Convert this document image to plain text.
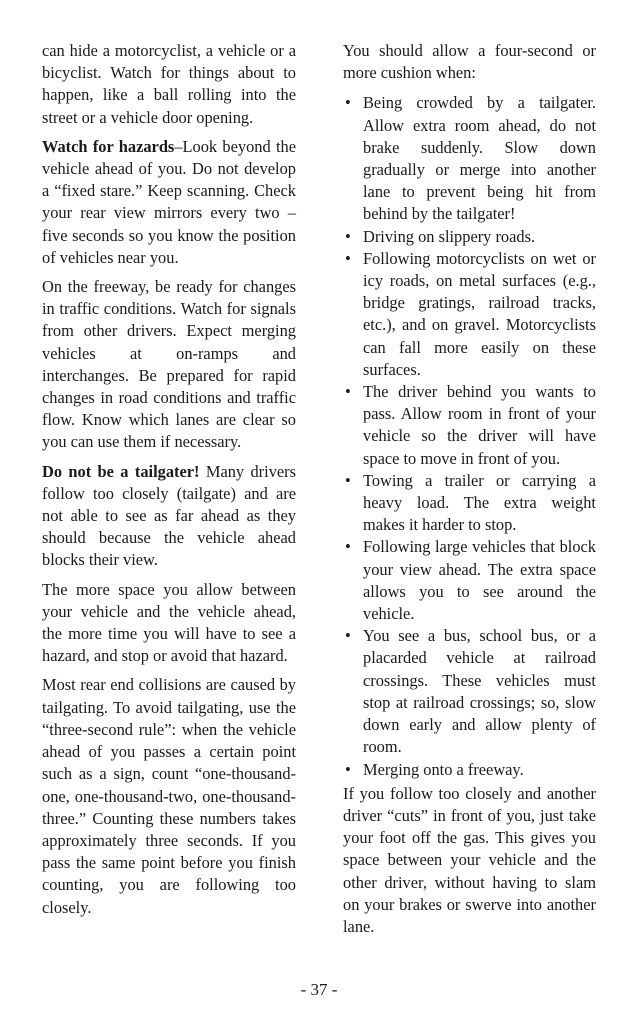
can hide a motorcyclist, a vehicle or a bicyclist. Watch for things about to happen, like a ball rolling into the street or a vehicle door opening.

Watch for hazards–Look beyond the vehicle ahead of you. Do not develop a “fixed stare.” Keep scanning. Check your rear view mirrors every two – five seconds so you know the position of vehicles near you.

On the freeway, be ready for changes in traffic conditions. Watch for signals from other drivers. Expect merging vehicles at on-ramps and interchanges. Be prepared for rapid changes in road conditions and traffic flow. Know which lanes are clear so you can use them if necessary.

Do not be a tailgater! Many drivers follow too closely (tailgate) and are not able to see as far ahead as they should because the vehicle ahead blocks their view.

The more space you allow between your vehicle and the vehicle ahead, the more time you will have to see a hazard, and stop or avoid that hazard.

Most rear end collisions are caused by tailgating. To avoid tailgating, use the “three-second rule”: when the vehicle ahead of you passes a certain point such as a sign, count “one-thousand-one, one-thousand-two, one-thousand-three.” Counting these numbers takes approximately three seconds. If you pass the same point before you finish counting, you are following too closely.

You should allow a four-second or more cushion when:

• Being crowded by a tailgater. Allow extra room ahead, do not brake suddenly. Slow down gradually or merge into another lane to prevent being hit from behind by the tailgater!
• Driving on slippery roads.
• Following motorcyclists on wet or icy roads, on metal surfaces (e.g., bridge gratings, railroad tracks, etc.), and on gravel. Motorcyclists can fall more easily on these surfaces.
• The driver behind you wants to pass. Allow room in front of your vehicle so the driver will have space to move in front of you.
• Towing a trailer or carrying a heavy load. The extra weight makes it harder to stop.
• Following large vehicles that block your view ahead. The extra space allows you to see around the vehicle.
• You see a bus, school bus, or a placarded vehicle at railroad crossings. These vehicles must stop at railroad crossings; so, slow down early and allow plenty of room.
• Merging onto a freeway.

If you follow too closely and another driver “cuts” in front of you, just take your foot off the gas. This gives you space between your vehicle and the other driver, without having to slam on your brakes or swerve into another lane.

- 37 -
